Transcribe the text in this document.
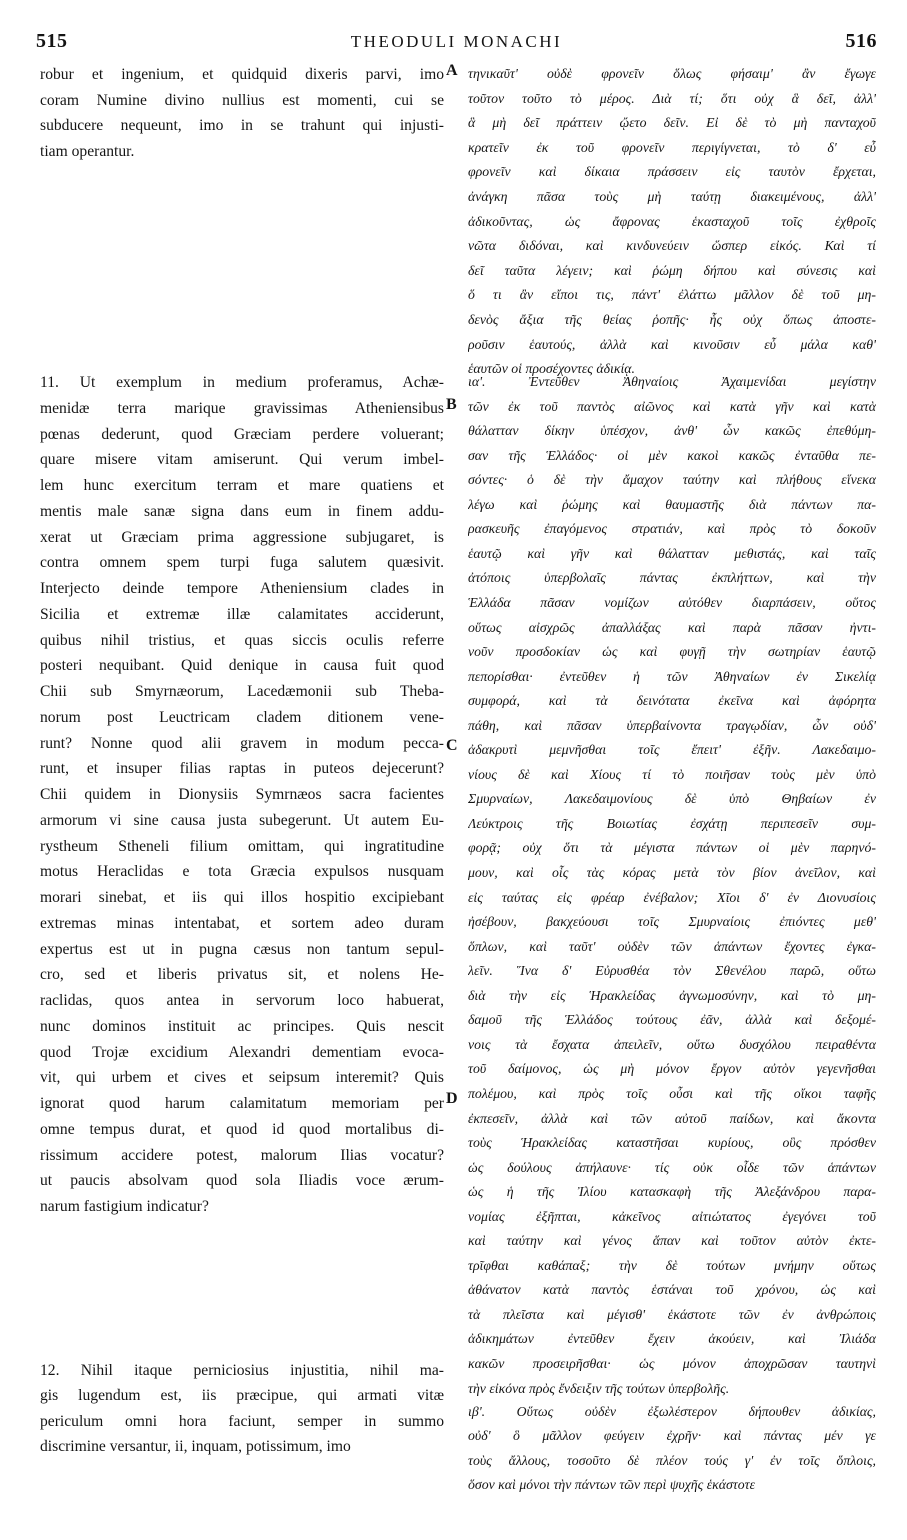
515	THEODULI MONACHI	516
robur et ingenium, et quidquid dixeris parvi, imo
coram Numine divino nullius est momenti, cui se
subducere nequeunt, imo in se trahunt qui injusti-
tiam operantur.
11. Ut exemplum in medium proferamus, Achæ-
menidæ terra marique gravissimas Atheniensibus
pœnas dederunt, quod Græciam perdere voluerant;
quare misere vitam amiserunt. Qui verum imbel-
lem hunc exercitum terram et mare quatiens et
mentis male sanæ signa dans eum in finem addu-
xerat ut Græciam prima aggressione subjugaret, is
contra omnem spem turpi fuga salutem quæsivit.
Interjecto deinde tempore Atheniensium clades in
Sicilia et extremæ illæ calamitates acciderunt,
quibus nihil tristius, et quas siccis oculis referre
posteri nequibant. Quid denique in causa fuit quod
Chii sub Smyrnæorum, Lacedæmonii sub Theba-
norum post Leuctricam cladem ditionem vene-
runt? Nonne quod alii gravem in modum pecca-
runt, et insuper filias raptas in puteos dejecerunt?
Chii quidem in Dionysiis Symrnæos sacra facientes
armorum vi sine causa justa subegerunt. Ut autem Eu-
rystheum Stheneli filium omittam, qui ingratitudine
motus Heraclidas e tota Græcia expulsos nusquam
morari sinebat, et iis qui illos hospitio excipiebant
extremas minas intentabat, et sortem adeo duram
expertus est ut in pugna cæsus non tantum sepul-
cro, sed et liberis privatus sit, et nolens He-
raclidas, quos antea in servorum loco habuerat,
nunc dominos instituit ac principes. Quis nescit
quod Trojæ excidium Alexandri dementiam evoca-
vit, qui urbem et cives et seipsum interemit? Quis
ignorat quod harum calamitatum memoriam per
omne tempus durat, et quod id quod mortalibus di-
rissimum accidere potest, malorum Ilias vocatur?
ut paucis absolvam quod sola Iliadis voce ærum-
narum fastigium indicatur?
12. Nihil itaque perniciosius injustitia, nihil ma-
gis lugendum est, iis præcipue, qui armati vitæ
periculum omni hora faciunt, semper in summo
discrimine versantur, ii, inquam, potissimum, imo
τηνικαῦτ' οὐδὲ φρονεῖν ὅλως φήσαιμ' ἂν ἔγωγε
τοῦτον τοῦτο τὸ μέρος. Διὰ τί; ὅτι οὐχ ἃ δεῖ, ἀλλ'
ἃ μὴ δεῖ πράττειν ᾤετο δεῖν. Εἰ δὲ τὸ μὴ πανταχοῦ
κρατεῖν ἐκ τοῦ φρονεῖν περιγίγνεται, τὸ δ' εὖ
φρονεῖν καὶ δίκαια πράσσειν εἰς ταυτὸν ἔρχεται,
ἀνάγκη πᾶσα τοὺς μὴ ταύτῃ διακειμένους, ἀλλ'
ἀδικοῦντας, ὡς ἄφρονας ἑκασταχοῦ τοῖς ἐχθροῖς
νῶτα διδόναι, καὶ κινδυνεύειν ὥσπερ εἰκός. Καὶ τί
δεῖ ταῦτα λέγειν; καὶ ῥώμη δήπου καὶ σύνεσις καὶ
ὅ τι ἂν εἴποι τις, πάντ' ἐλάττω μᾶλλον δὲ τοῦ μη-
δενὸς ἄξια τῆς θείας ῥοπῆς· ἧς οὐχ ὅπως ἀποστε-
ροῦσιν ἑαυτούς, ἀλλὰ καὶ κινοῦσιν εὖ μάλα καθ'
ἑαυτῶν οἱ προσέχοντες ἀδικίᾳ.
ια'. Ἐντεῦθεν Ἀθηναίοις Ἀχαιμενίδαι μεγίστην
τῶν ἐκ τοῦ παντὸς αἰῶνος καὶ κατὰ γῆν καὶ κατὰ
θάλατταν δίκην ὑπέσχον, ἀνθ' ὧν κακῶς ἐπεθύμη-
σαν τῆς Ἑλλάδος· οἱ μὲν κακοὶ κακῶς ἐνταῦθα πε-
σόντες· ὁ δὲ τὴν ἄμαχον ταύτην καὶ πλήθους εἵνεκα
λέγω καὶ ῥώμης καὶ θαυμαστῆς διὰ πάντων πα-
ρασκευῆς ἐπαγόμενος στρατιάν, καὶ πρὸς τὸ δοκοῦν
ἑαυτῷ καὶ γῆν καὶ θάλατταν μεθιστάς, καὶ ταῖς
ἀτόποις ὑπερβολαῖς πάντας ἐκπλήττων, καὶ τὴν
Ἑλλάδα πᾶσαν νομίζων αὐτόθεν διαρπάσειν, οὕτος
οὕτως αἰσχρῶς ἀπαλλάξας καὶ παρὰ πᾶσαν ἠντι-
νοῦν προσδοκίαν ὡς καὶ φυγῇ τὴν σωτηρίαν ἑαυτῷ
πεπορίσθαι· ἐντεῦθεν ἡ τῶν Ἀθηναίων ἐν Σικελίᾳ
συμφορά, καὶ τὰ δεινότατα ἐκεῖνα καὶ ἀφόρητα
πάθη, καὶ πᾶσαν ὑπερβαίνοντα τραγῳδίαν, ὧν οὐδ'
ἀδακρυτὶ μεμνῆσθαι τοῖς ἔπειτ' ἐξῆν. Λακεδαιμο-
νίους δὲ καὶ Χίους τί τὸ ποιῆσαν τοὺς μὲν ὑπὸ
Σμυρναίων, Λακεδαιμονίους δὲ ὑπὸ Θηβαίων ἐν
Λεύκτροις τῆς Βοιωτίας ἐσχάτῃ περιπεσεῖν συμ-
φορᾷ; οὐχ ὅτι τὰ μέγιστα πάντων οἱ μὲν παρηνό-
μουν, καὶ οἷς τὰς κόρας μετὰ τὸν βίον ἀνεῖλον, καὶ
εἰς ταύτας εἰς φρέαρ ἐνέβαλον; Χῖοι δ' ἐν Διονυσίοις
ἠσέβουν, βακχεύουσι τοῖς Σμυρναίοις ἐπιόντες μεθ'
ὅπλων, καὶ ταῦτ' οὐδὲν τῶν ἁπάντων ἔχοντες ἐγκα-
λεῖν. Ἵνα δ' Εὐρυσθέα τὸν Σθενέλου παρῶ, οὕτω
διὰ τὴν εἰς Ἡρακλείδας ἀγνωμοσύνην, καὶ τὸ μη-
δαμοῦ τῆς Ἑλλάδος τούτους ἐᾶν, ἀλλὰ καὶ δεξομέ-
νοις τὰ ἔσχατα ἀπειλεῖν, οὕτω δυσχόλου πειραθέντα
τοῦ δαίμονος, ὡς μὴ μόνον ἔργον αὐτὸν γεγενῆσθαι
πολέμου, καὶ πρὸς τοῖς οὖσι καὶ τῆς οἴκοι ταφῆς
ἐκπεσεῖν, ἀλλὰ καὶ τῶν αὐτοῦ παίδων, καὶ ἄκοντα
τοὺς Ἡρακλείδας καταστῆσαι κυρίους, οὓς πρόσθεν
ὡς δούλους ἀπήλαυνε· τίς οὐκ οἶδε τῶν ἁπάντων
ὡς ἡ τῆς Ἰλίου κατασκαφὴ τῆς Ἀλεξάνδρου παρα-
νομίας ἐξῆπται, κἀκεῖνος αἰτιώτατος ἐγεγόνει τοῦ
καὶ ταύτην καὶ γένος ἅπαν καὶ τοῦτον αὐτὸν ἐκτε-
τρῖφθαι καθάπαξ; τὴν δὲ τούτων μνήμην οὕτως
ἀθάνατον κατὰ παντὸς ἑστάναι τοῦ χρόνου, ὡς καὶ
τὰ πλεῖστα καὶ μέγισθ' ἑκάστοτε τῶν ἐν ἀνθρώποις
ἀδικημάτων ἐντεῦθεν ἔχειν ἀκούειν, καὶ Ἰλιάδα
κακῶν προσειρῆσθαι· ὡς μόνον ἀποχρῶσαν ταυτηνὶ
τὴν εἰκόνα πρὸς ἔνδειξιν τῆς τούτων ὑπερβολῆς.
ιβ'. Οὕτως οὐδὲν ἐξωλέστερον δήπουθεν ἀδικίας,
οὐδ' ὃ μᾶλλον φεύγειν ἐχρῆν· καὶ πάντας μέν γε
τοὺς ἄλλους, τοσοῦτο δὲ πλέον τούς γ' ἐν τοῖς ὅπλοις,
ὅσον καὶ μόνοι τὴν πάντων τῶν περὶ ψυχῆς ἑκάστοτε
A
B
C
D
